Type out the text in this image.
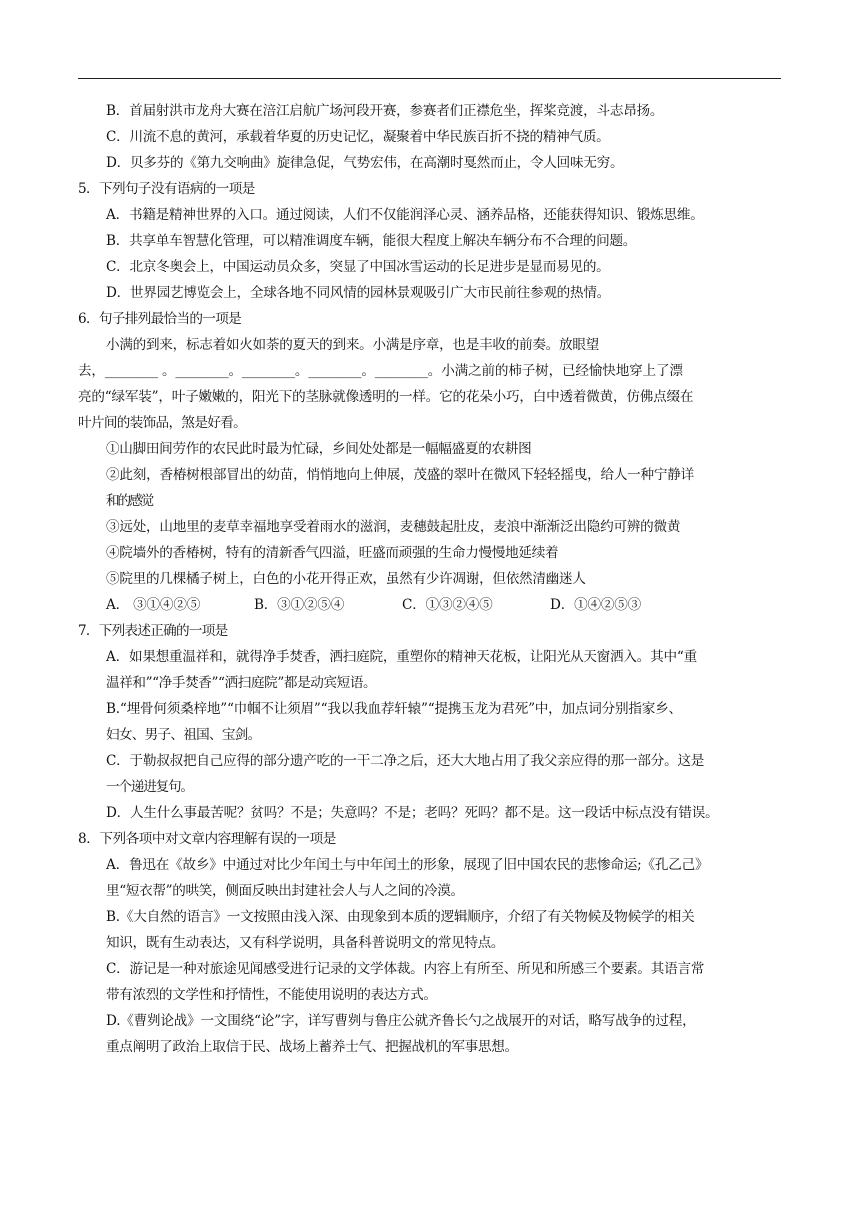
B．首届射洪市龙舟大赛在涪江启航广场河段开赛，参赛者们正襟危坐，挥桨竞渡，斗志昂扬。
C．川流不息的黄河，承载着华夏的历史记忆，凝聚着中华民族百折不挠的精神气质。
D．贝多芬的《第九交响曲》旋律急促，气势宏伟，在高潮时戛然而止，令人回味无穷。
5．下列句子没有语病的一项是
A．书籍是精神世界的入口。通过阅读，人们不仅能润泽心灵、涵养品格，还能获得知识、锻炼思维。
B．共享单车智慧化管理，可以精准调度车辆，能很大程度上解决车辆分布不合理的问题。
C．北京冬奥会上，中国运动员众多，突显了中国冰雪运动的长足进步是显而易见的。
D．世界园艺博览会上，全球各地不同风情的园林景观吸引广大市民前往参观的热情。
6．句子排列最恰当的一项是
小满的到来，标志着如火如荼的夏天的到来。小满是序章，也是丰收的前奏。放眼望
去，________ 。________。________。________。________。小满之前的柿子树，已经愉快地穿上了漂
亮的“绿军装”，叶子嫩嫩的，阳光下的茎脉就像透明的一样。它的花朵小巧，白中透着微黄，仿佛点缀在
叶片间的装饰品，煞是好看。
①山脚田间劳作的农民此时最为忙碌，乡间处处都是一幅幅盛夏的农耕图
②此刻，香椿树根部冒出的幼苗，悄悄地向上伸展，茂盛的翠叶在微风下轻轻摇曳，给人一种宁静详
和的感觉
③远处，山地里的麦草幸福地享受着雨水的滋润，麦穗鼓起肚皮，麦浪中渐渐泛出隐约可辨的微黄
④院墙外的香椿树，特有的清新香气四溢，旺盛而顽强的生命力慢慢地延续着
⑤院里的几棵橘子树上，白色的小花开得正欢，虽然有少许凋谢，但依然清幽迷人
A． ③①④②⑤	B．③①②⑤④	C．①③②④⑤	D．①④②⑤③
7．下列表述正确的一项是
A．如果想重温祥和，就得净手焚香，洒扫庭院，重塑你的精神天花板，让阳光从天窗洒入。其中“重
温祥和”“净手焚香”“洒扫庭院”都是动宾短语。
B.“埋骨何须桑梓地”“巾帼不让须眉”“我以我血荐轩辕”“提携玉龙为君死”中，加点词分别指家乡、
妇女、男子、祖国、宝剑。
C．于勒叔叔把自己应得的部分遗产吃的一干二净之后，还大大地占用了我父亲应得的那一部分。这是
一个递进复句。
D．人生什么事最苦呢？贫吗？不是；失意吗？不是；老吗？死吗？都不是。这一段话中标点没有错误。
8．下列各项中对文章内容理解有误的一项是
A．鲁迅在《故乡》中通过对比少年闰土与中年闰土的形象，展现了旧中国农民的悲惨命运;《孔乙己》
里“短衣帮”的哄笑，侧面反映出封建社会人与人之间的冷漠。
B.《大自然的语言》一文按照由浅入深、由现象到本质的逻辑顺序，介绍了有关物候及物候学的相关
知识，既有生动表达，又有科学说明，具备科普说明文的常见特点。
C．游记是一种对旅途见闻感受进行记录的文学体裁。内容上有所至、所见和所感三个要素。其语言常
带有浓烈的文学性和抒情性，不能使用说明的表达方式。
D.《曹刿论战》一文围绕“论”字，详写曹刿与鲁庄公就齐鲁长勺之战展开的对话，略写战争的过程，
重点阐明了政治上取信于民、战场上蓄养士气、把握战机的军事思想。
